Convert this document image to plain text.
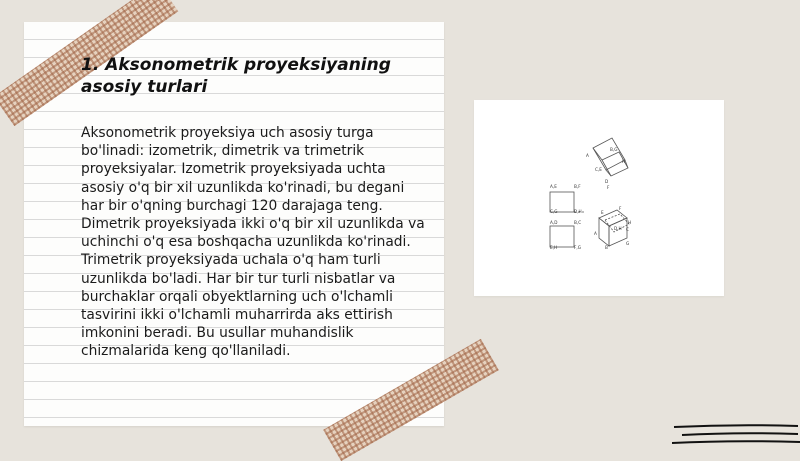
1. Aksonometrik proyeksiyaning asosiy turlari

Aksonometrik proyeksiya uch asosiy turga bo'linadi: izometrik, dimetrik va trimetrik proyeksiyalar. Izometrik proyeksiyada uchta asosiy o'q bir xil uzunlikda ko'rinadi, bu degani har bir o'qning burchagi 120 darajaga teng. Dimetrik proyeksiyada ikki o'q bir xil uzunlikda va uchinchi o'q esa boshqacha uzunlikda ko'rinadi. Trimetrik proyeksiyada uchala o'q ham turli uzunlikda bo'ladi. Har bir tur turli nisbatlar va burchaklar orqali obyektlarning uch o'lchamli tasvirini ikki o'lchamli muharrirda aks ettirish imkonini beradi. Bu usullar muhandislik chizmalarida keng qo'llaniladi.

A
B,G
H
C,E
D
F
A,E	B,F
C,G	D,H
A,D	B,C
E,H	F,G
E
A
F
B
D,H C
G
H
